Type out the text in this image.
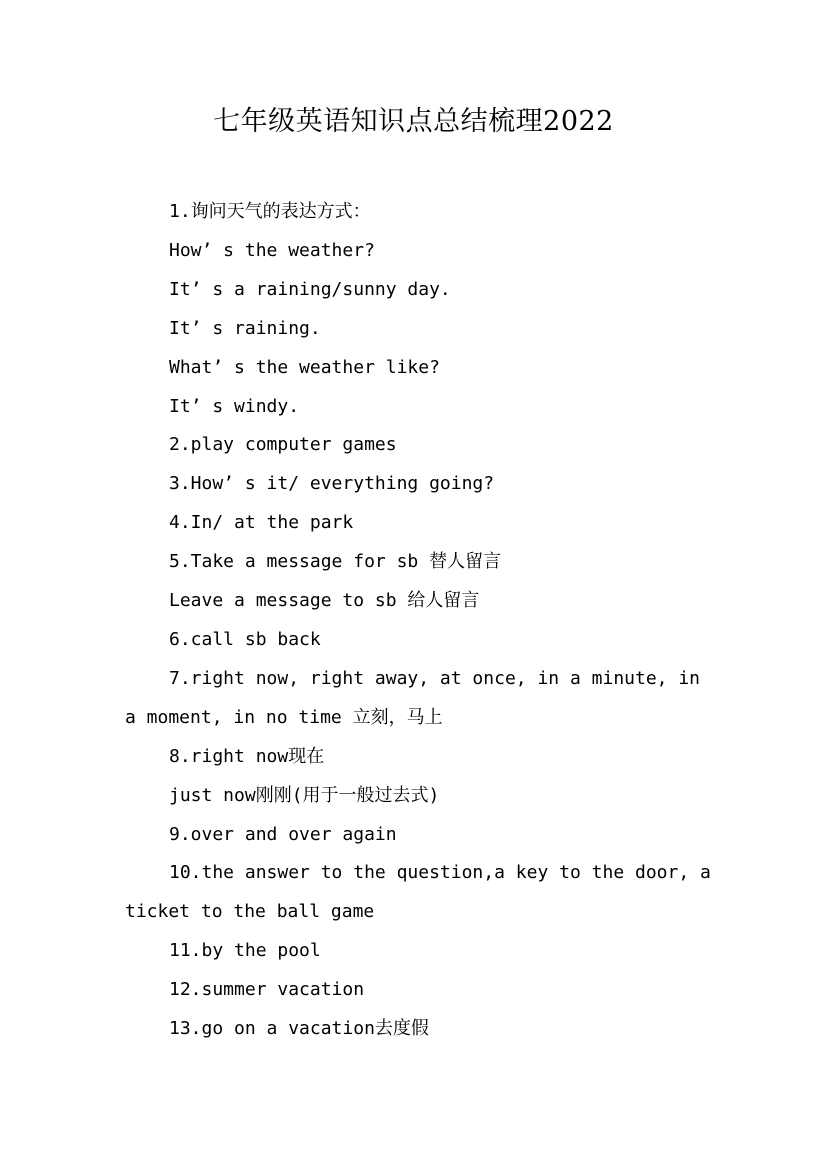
七年级英语知识点总结梳理2022

1.询问天气的表达方式：

How’ s the weather?

It’ s a raining/sunny day.

It’ s raining.

What’ s the weather like?

It’ s windy.

2.play computer games

3.How’ s it/ everything going?

4.In/ at the park

5.Take a message for sb 替人留言

Leave a message to sb 给人留言

6.call sb back

7.right now, right away, at once, in a minute, in a moment, in no time 立刻，马上

8.right now现在

just now刚刚(用于一般过去式)

9.over and over again

10.the answer to the question,a key to the door, a ticket to the ball game

11.by the pool

12.summer vacation

13.go on a vacation去度假
